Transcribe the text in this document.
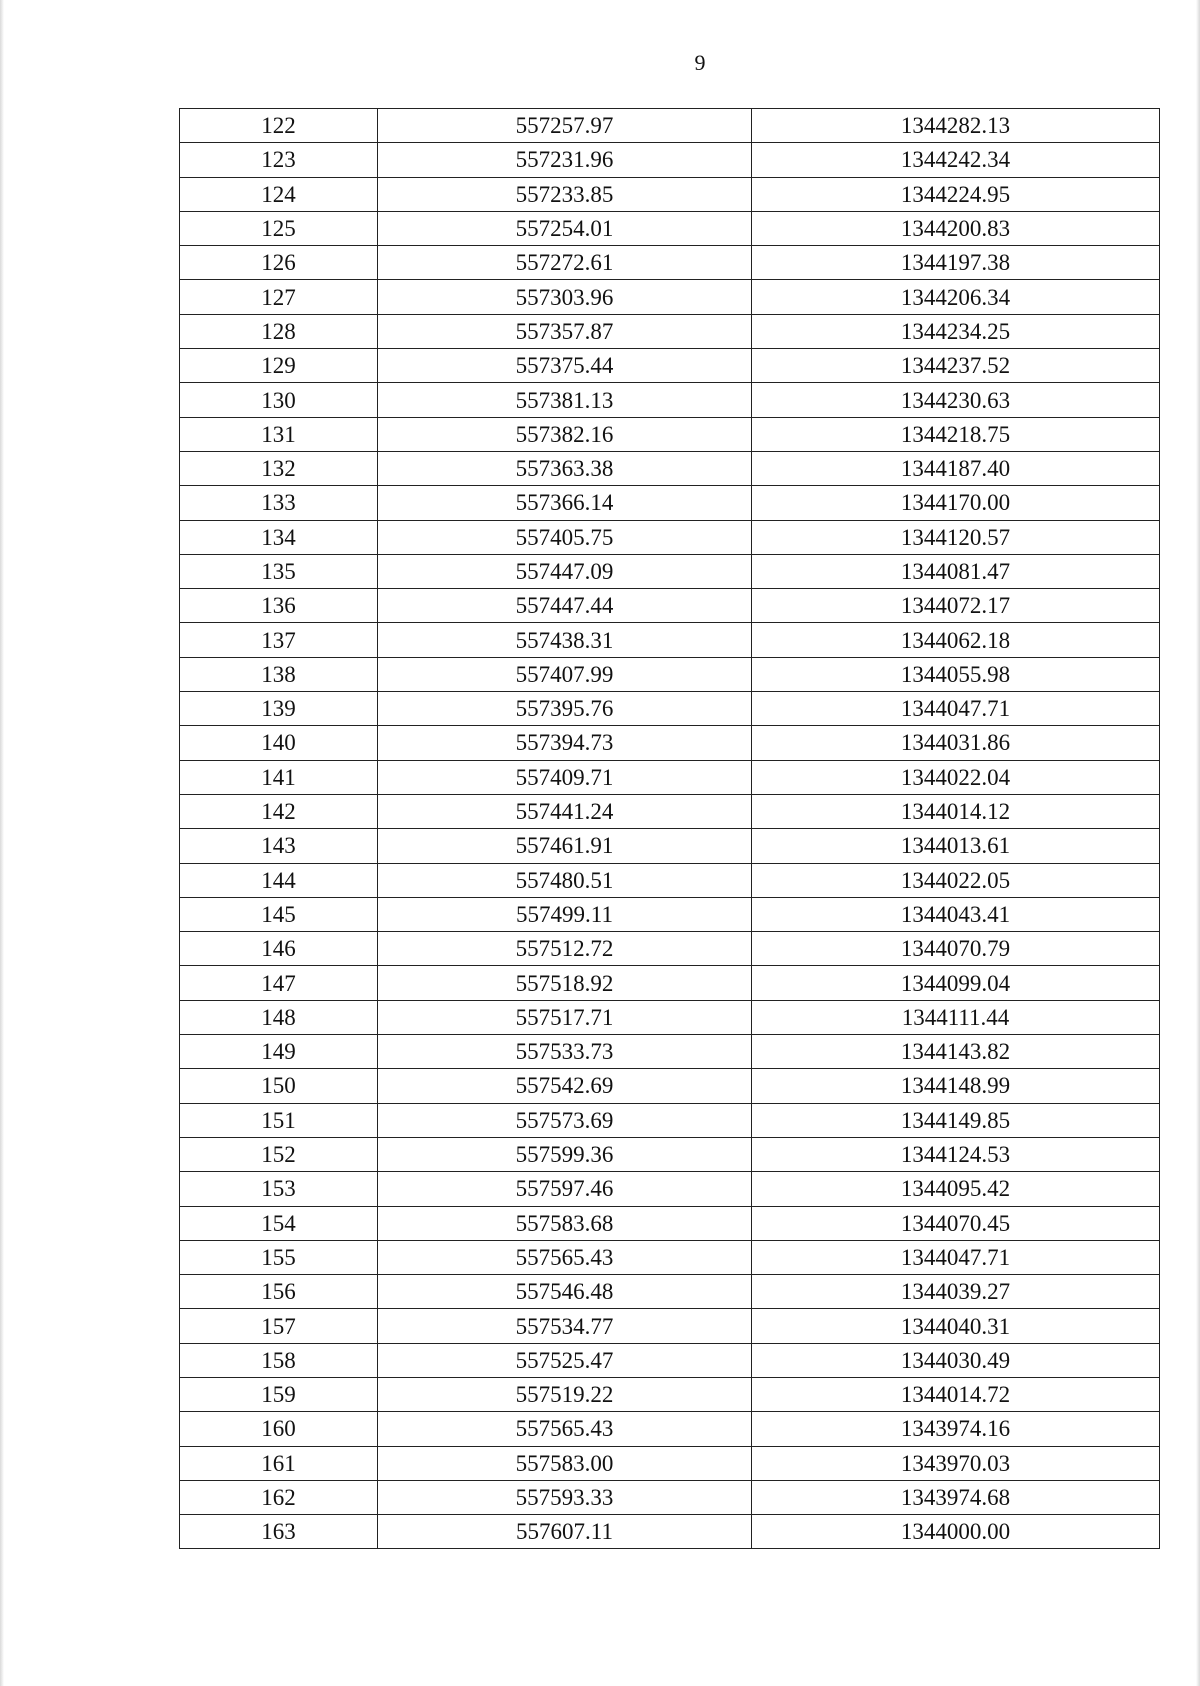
9
122	557257.97	1344282.13
123	557231.96	1344242.34
124	557233.85	1344224.95
125	557254.01	1344200.83
126	557272.61	1344197.38
127	557303.96	1344206.34
128	557357.87	1344234.25
129	557375.44	1344237.52
130	557381.13	1344230.63
131	557382.16	1344218.75
132	557363.38	1344187.40
133	557366.14	1344170.00
134	557405.75	1344120.57
135	557447.09	1344081.47
136	557447.44	1344072.17
137	557438.31	1344062.18
138	557407.99	1344055.98
139	557395.76	1344047.71
140	557394.73	1344031.86
141	557409.71	1344022.04
142	557441.24	1344014.12
143	557461.91	1344013.61
144	557480.51	1344022.05
145	557499.11	1344043.41
146	557512.72	1344070.79
147	557518.92	1344099.04
148	557517.71	1344111.44
149	557533.73	1344143.82
150	557542.69	1344148.99
151	557573.69	1344149.85
152	557599.36	1344124.53
153	557597.46	1344095.42
154	557583.68	1344070.45
155	557565.43	1344047.71
156	557546.48	1344039.27
157	557534.77	1344040.31
158	557525.47	1344030.49
159	557519.22	1344014.72
160	557565.43	1343974.16
161	557583.00	1343970.03
162	557593.33	1343974.68
163	557607.11	1344000.00
